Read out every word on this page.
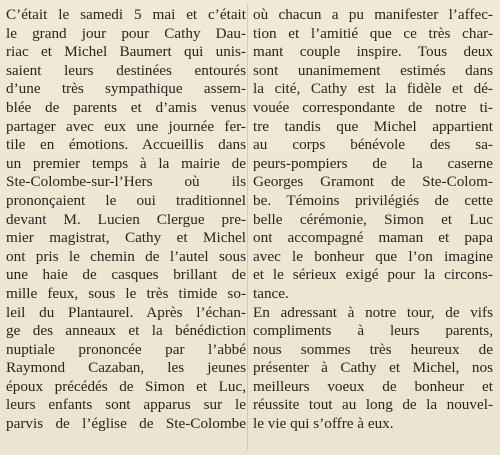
C’était le samedi 5 mai et c’était
le grand jour pour Cathy Dau-
riac et Michel Baumert qui unis-
saient leurs destinées entourés
d’une très sympathique assem-
blée de parents et d’amis venus
partager avec eux une journée fer-
tile en émotions. Accueillis dans
un premier temps à la mairie de
Ste-Colombe-sur-l’Hers où ils
prononçaient le oui traditionnel
devant M. Lucien Clergue pre-
mier magistrat, Cathy et Michel
ont pris le chemin de l’autel sous
une haie de casques brillant de
mille feux, sous le très timide so-
leil du Plantaurel. Après l’échan-
ge des anneaux et la bénédiction
nuptiale prononcée par l’abbé
Raymond Cazaban, les jeunes
époux précédés de Simon et Luc,
leurs enfants sont apparus sur le
parvis de l’église de Ste-Colombe
où chacun a pu manifester l’affec-
tion et l’amitié que ce très char-
mant couple inspire. Tous deux
sont unanimement estimés dans
la cité, Cathy est la fidèle et dé-
vouée correspondante de notre ti-
tre tandis que Michel appartient
au corps bénévole des sa-
peurs-pompiers de la caserne
Georges Gramont de Ste-Colom-
be. Témoins privilégiés de cette
belle cérémonie, Simon et Luc
ont accompagné maman et papa
avec le bonheur que l’on imagine
et le sérieux exigé pour la circons-
tance.
En adressant à notre tour, de vifs
compliments à leurs parents,
nous sommes très heureux de
présenter à Cathy et Michel, nos
meilleurs voeux de bonheur et
réussite tout au long de la nouvel-
le vie qui s’offre à eux.
